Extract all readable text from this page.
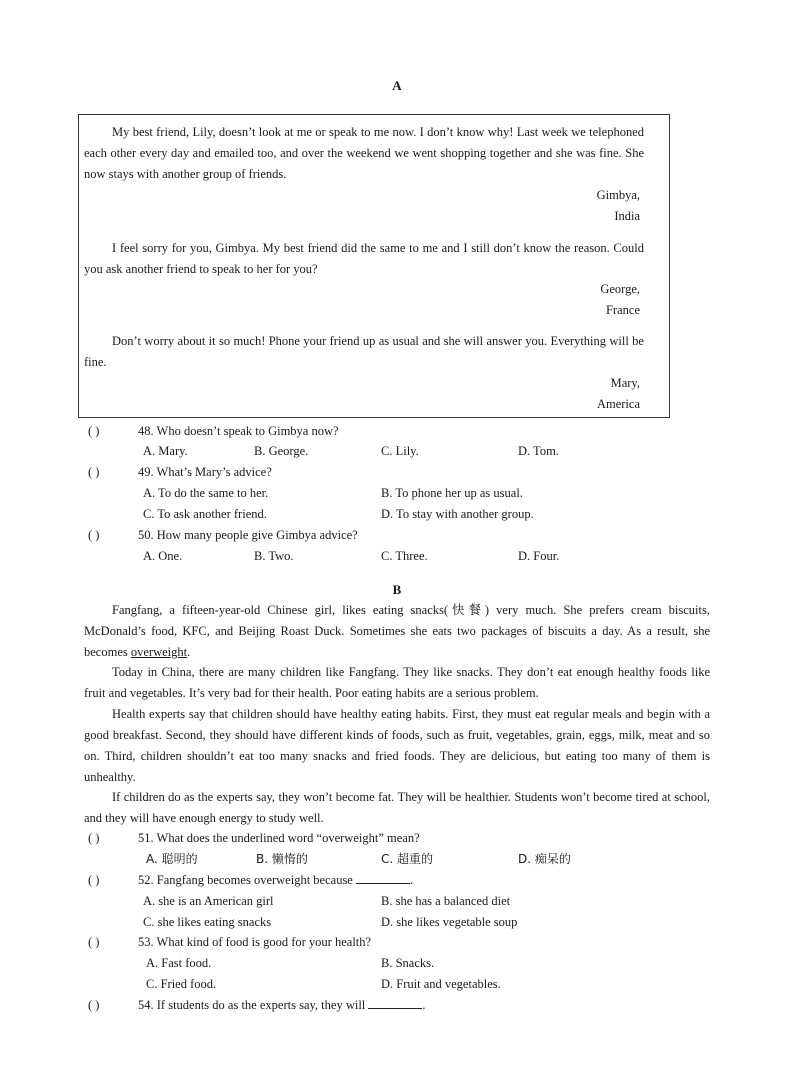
A
My best friend, Lily, doesn’t look at me or speak to me now. I don’t know why! Last week we telephoned each other every day and emailed too, and over the weekend we went shopping together and she was fine. She now stays with another group of friends.
Gimbya,
India
I feel sorry for you, Gimbya. My best friend did the same to me and I still don’t know the reason. Could you ask another friend to speak to her for you?
George,
France
Don’t worry about it so much! Phone your friend up as usual and she will answer you. Everything will be fine.
Mary,
America
( )	48. Who doesn’t speak to Gimbya now?
A. Mary.	B. George.	C. Lily.	D. Tom.
( )	49. What’s Mary’s advice?
A. To do the same to her.	B. To phone her up as usual.
C. To ask another friend.	D. To stay with another group.
( )	50. How many people give Gimbya advice?
A. One.	B. Two.	C. Three.	D. Four.
B
Fangfang, a fifteen-year-old Chinese girl, likes eating snacks(快餐) very much. She prefers cream biscuits, McDonald’s food, KFC, and Beijing Roast Duck. Sometimes she eats two packages of biscuits a day. As a result, she becomes overweight.
Today in China, there are many children like Fangfang. They like snacks. They don’t eat enough healthy foods like fruit and vegetables. It’s very bad for their health. Poor eating habits are a serious problem.
Health experts say that children should have healthy eating habits. First, they must eat regular meals and begin with a good breakfast. Second, they should have different kinds of foods, such as fruit, vegetables, grain, eggs, milk, meat and so on. Third, children shouldn’t eat too many snacks and fried foods. They are delicious, but eating too many of them is unhealthy.
If children do as the experts say, they won’t become fat. They will be healthier. Students won’t become tired at school, and they will have enough energy to study well.
( )	51. What does the underlined word “overweight” mean?
A. 聪明的	B. 懒惰的	C. 超重的	D. 痴呆的
( )	52. Fangfang becomes overweight because	.
A. she is an American girl	B. she has a balanced diet
C. she likes eating snacks	D. she likes vegetable soup
( )	53. What kind of food is good for your health?
A. Fast food.	B. Snacks.
C. Fried food.	D. Fruit and vegetables.
( )	54. If students do as the experts say, they will	.
